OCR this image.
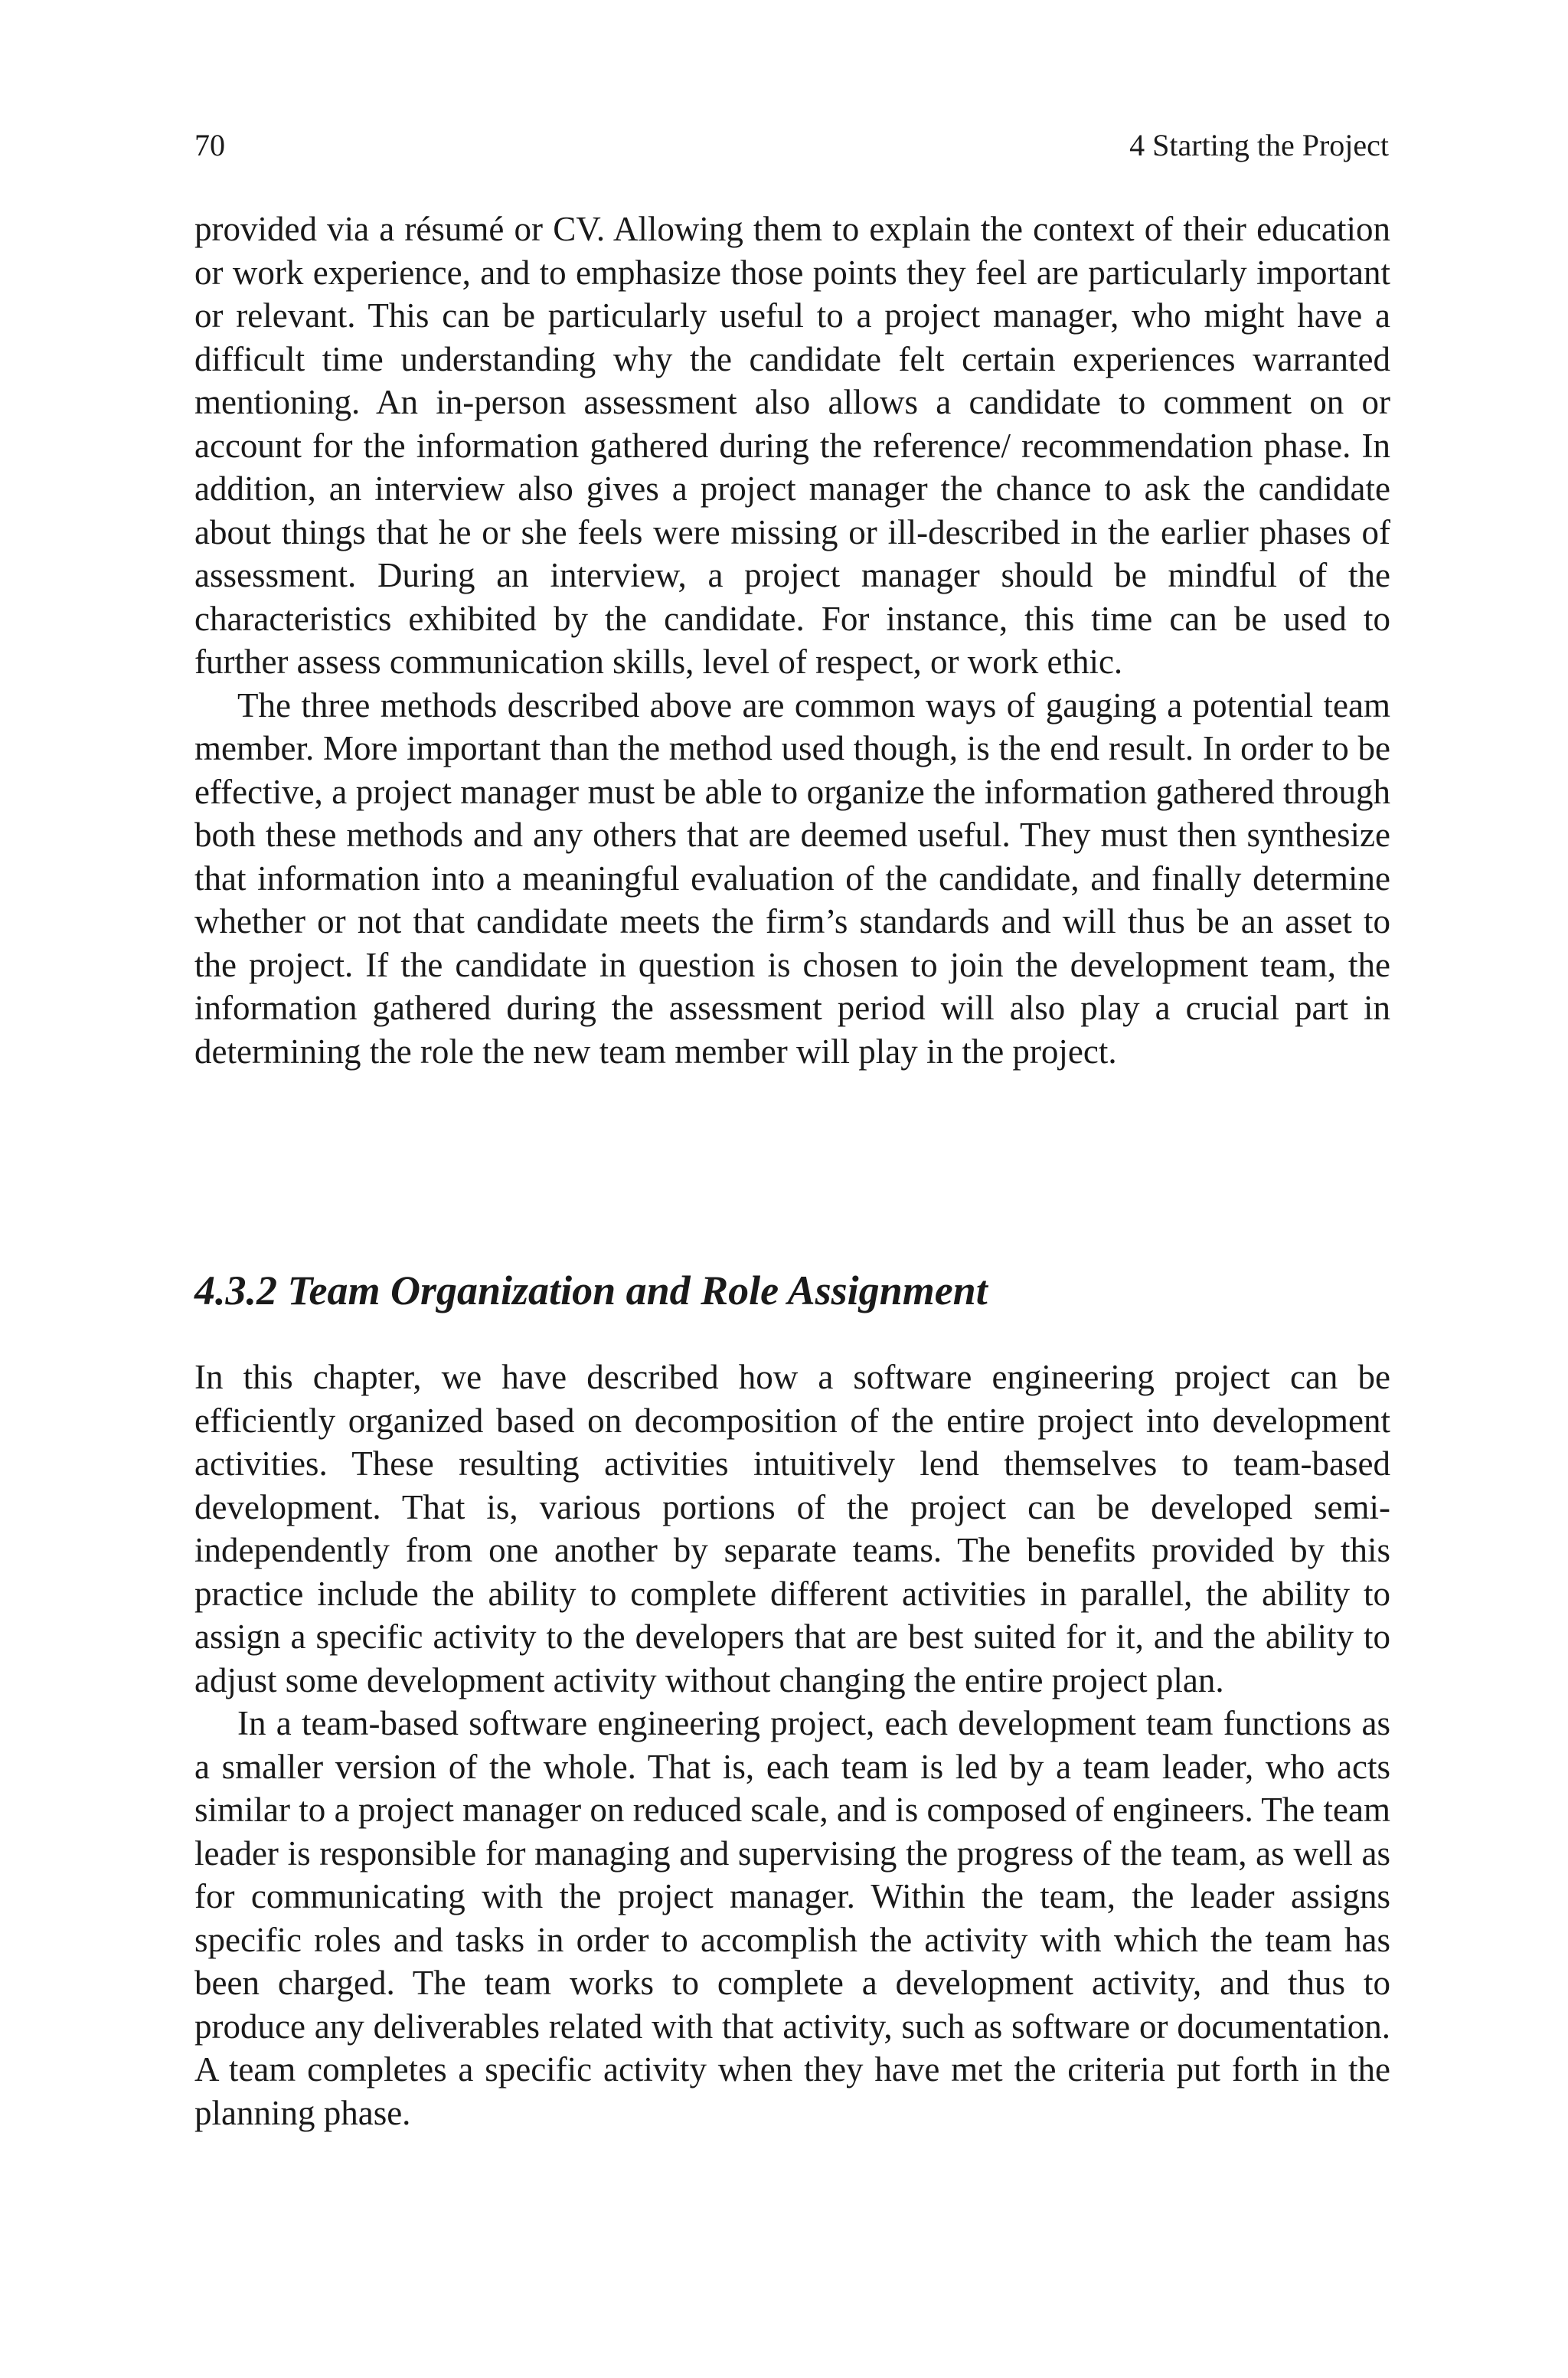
70	4 Starting the Project

provided via a résumé or CV. Allowing them to explain the context of their education or work experience, and to emphasize those points they feel are particularly important or relevant. This can be particularly useful to a project manager, who might have a difficult time understanding why the candidate felt certain experiences warranted mentioning. An in-person assessment also allows a candidate to comment on or account for the information gathered during the reference/ recommendation phase. In addition, an interview also gives a project manager the chance to ask the candidate about things that he or she feels were missing or ill-described in the earlier phases of assessment. During an interview, a project manager should be mindful of the characteristics exhibited by the candidate. For instance, this time can be used to further assess communication skills, level of respect, or work ethic.

The three methods described above are common ways of gauging a potential team member. More important than the method used though, is the end result. In order to be effective, a project manager must be able to organize the information gathered through both these methods and any others that are deemed useful. They must then synthesize that information into a meaningful evaluation of the candidate, and finally determine whether or not that candidate meets the firm’s standards and will thus be an asset to the project. If the candidate in question is chosen to join the development team, the information gathered during the assessment period will also play a crucial part in determining the role the new team member will play in the project.

4.3.2 Team Organization and Role Assignment

In this chapter, we have described how a software engineering project can be efficiently organized based on decomposition of the entire project into development activities. These resulting activities intuitively lend themselves to team-based development. That is, various portions of the project can be developed semi-independently from one another by separate teams. The benefits provided by this practice include the ability to complete different activities in parallel, the ability to assign a specific activity to the developers that are best suited for it, and the ability to adjust some development activity without changing the entire project plan.

In a team-based software engineering project, each development team functions as a smaller version of the whole. That is, each team is led by a team leader, who acts similar to a project manager on reduced scale, and is composed of engineers. The team leader is responsible for managing and supervising the progress of the team, as well as for communicating with the project manager. Within the team, the leader assigns specific roles and tasks in order to accomplish the activity with which the team has been charged. The team works to complete a development activity, and thus to produce any deliverables related with that activity, such as software or documentation. A team completes a specific activity when they have met the criteria put forth in the planning phase.
